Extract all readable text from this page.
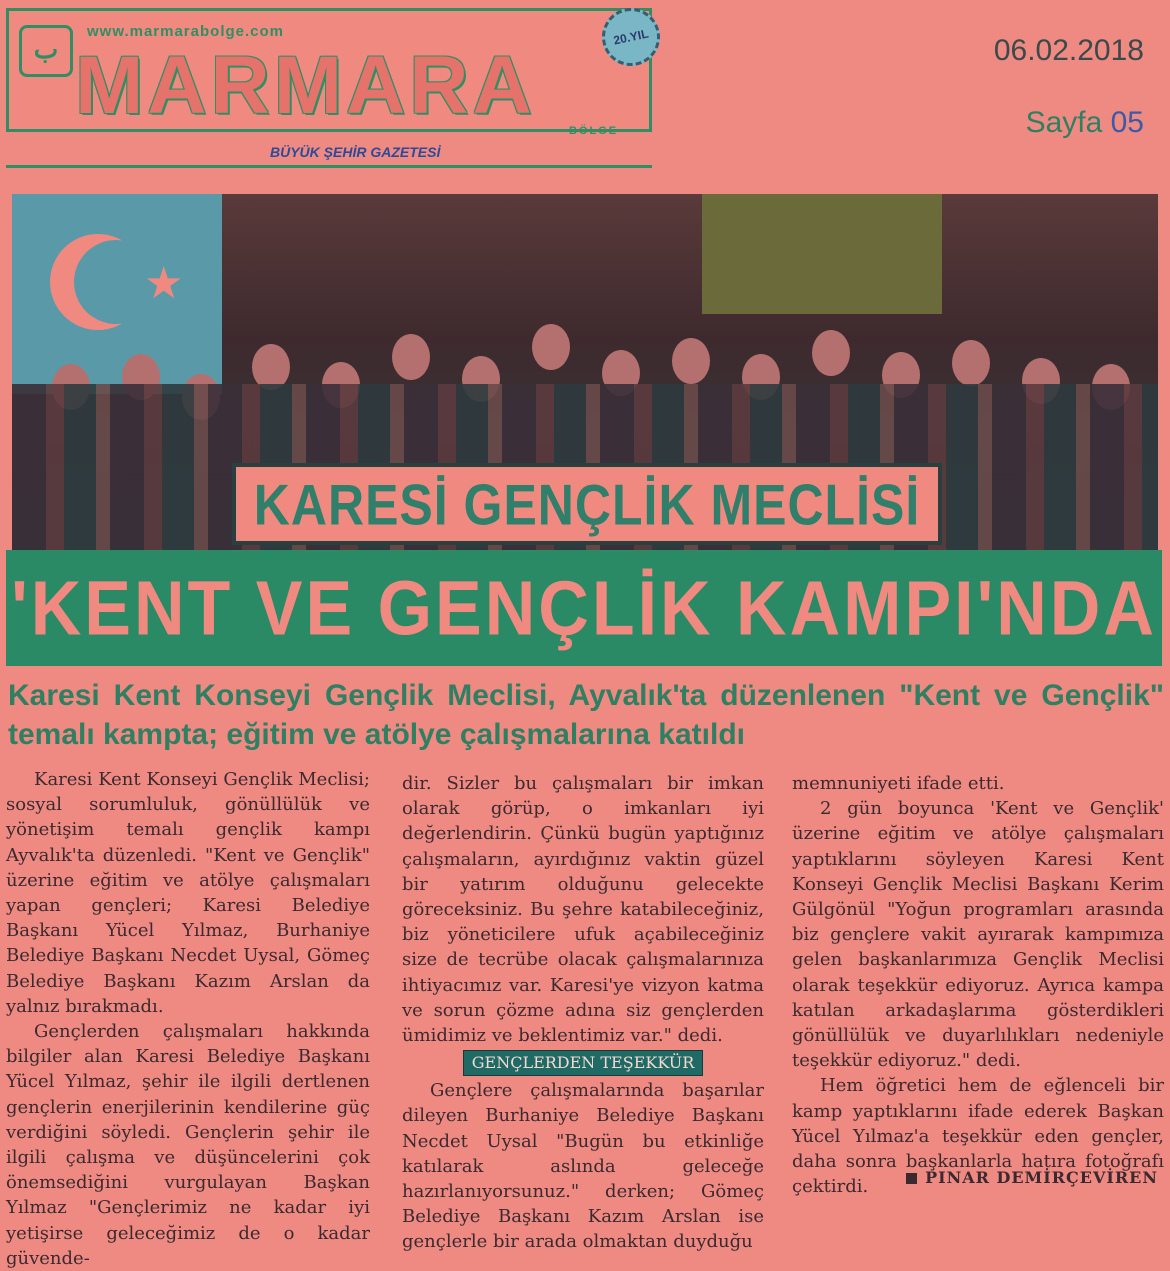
ب
www.marmarabolge.com
MARMARA	BÖLGE
20.YIL
BÜYÜK ŞEHİR GAZETESİ
06.02.2018
Sayfa 05
★
KARESİ GENÇLİK MECLİSİ
'KENT VE GENÇLİK KAMPI'NDA
Karesi Kent Konseyi Gençlik Meclisi, Ayvalık'ta düzenlenen "Kent ve Gençlik" temalı kampta; eğitim ve atölye çalışmalarına katıldı

Karesi Kent Konseyi Gençlik Meclisi; sosyal sorumluluk, gönüllülük ve yönetişim temalı gençlik kampı Ayvalık'ta düzenledi. "Kent ve Gençlik" üzerine eğitim ve atölye çalışmaları yapan gençleri; Karesi Belediye Başkanı Yücel Yılmaz, Burhaniye Belediye Başkanı Necdet Uysal, Gömeç Belediye Başkanı Kazım Arslan da yalnız bırakmadı.

Gençlerden çalışmaları hakkında bilgiler alan Karesi Belediye Başkanı Yücel Yılmaz, şehir ile ilgili dertlenen gençlerin enerjilerinin kendilerine güç verdiğini söyledi. Gençlerin şehir ile ilgili çalışma ve düşüncelerini çok önemsediğini vurgulayan Başkan Yılmaz "Gençlerimiz ne kadar iyi yetişirse geleceğimiz de o kadar güvende-

dir. Sizler bu çalışmaları bir imkan olarak görüp, o imkanları iyi değerlendirin. Çünkü bugün yaptığınız çalışmaların, ayırdığınız vaktin güzel bir yatırım olduğunu gelecekte göreceksiniz. Bu şehre katabileceğiniz, biz yöneticilere ufuk açabileceğiniz size de tecrübe olacak çalışmalarınıza ihtiyacımız var. Karesi'ye vizyon katma ve sorun çözme adına siz gençlerden ümidimiz ve beklentimiz var." dedi.

GENÇLERDEN TEŞEKKÜR

Gençlere çalışmalarında başarılar dileyen Burhaniye Belediye Başkanı Necdet Uysal "Bugün bu etkinliğe katılarak aslında geleceğe hazırlanıyorsunuz." derken; Gömeç Belediye Başkanı Kazım Arslan ise gençlerle bir arada olmaktan duyduğu

memnuniyeti ifade etti.

2 gün boyunca 'Kent ve Gençlik' üzerine eğitim ve atölye çalışmaları yaptıklarını söyleyen Karesi Kent Konseyi Gençlik Meclisi Başkanı Kerim Gülgönül "Yoğun programları arasında biz gençlere vakit ayırarak kampımıza gelen başkanlarımıza Gençlik Meclisi olarak teşekkür ediyoruz. Ayrıca kampa katılan arkadaşlarıma gösterdikleri gönüllülük ve duyarlılıkları nedeniyle teşekkür ediyoruz." dedi.

Hem öğretici hem de eğlenceli bir kamp yaptıklarını ifade ederek Başkan Yücel Yılmaz'a teşekkür eden gençler, daha sonra başkanlarla hatıra fotoğrafı çektirdi.	PINAR DEMİRÇEVİREN
